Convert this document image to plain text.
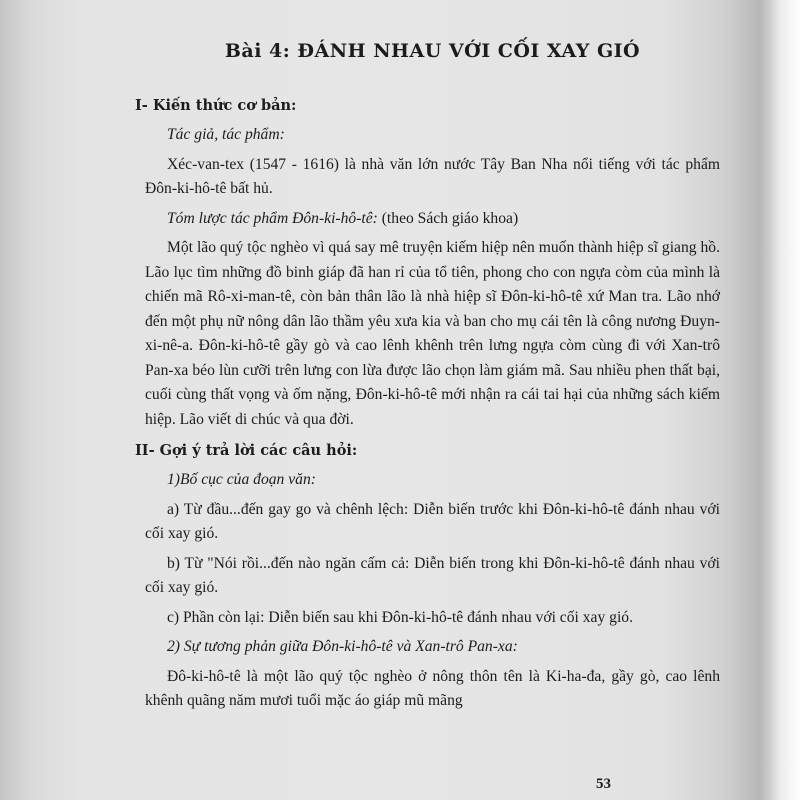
Bài 4: ĐÁNH NHAU VỚI CỐI XAY GIÓ
I- Kiến thức cơ bản:

Tác giả, tác phẩm:

Xéc-van-tex (1547 - 1616) là nhà văn lớn nước Tây Ban Nha nổi tiếng với tác phẩm Đôn-ki-hô-tê bất hủ.

Tóm lược tác phẩm Đôn-ki-hô-tê: (theo Sách giáo khoa)

Một lão quý tộc nghèo vì quá say mê truyện kiếm hiệp nên muốn thành hiệp sĩ giang hồ. Lão lục tìm những đồ binh giáp đã han rỉ của tổ tiên, phong cho con ngựa còm của mình là chiến mã Rô-xi-man-tê, còn bản thân lão là nhà hiệp sĩ Đôn-ki-hô-tê xứ Man tra. Lão nhớ đến một phụ nữ nông dân lão thầm yêu xưa kia và ban cho mụ cái tên là công nương Đuyn-xi-nê-a. Đôn-ki-hô-tê gầy gò và cao lênh khênh trên lưng ngựa còm cùng đi với Xan-trô Pan-xa béo lùn cưỡi trên lưng con lừa được lão chọn làm giám mã. Sau nhiều phen thất bại, cuối cùng thất vọng và ốm nặng, Đôn-ki-hô-tê mới nhận ra cái tai hại của những sách kiếm hiệp. Lão viết di chúc và qua đời.

II- Gợi ý trả lời các câu hỏi:

1)Bố cục của đoạn văn:

a) Từ đầu...đến gay go và chênh lệch: Diễn biến trước khi Đôn-ki-hô-tê đánh nhau với cối xay gió.

b) Từ "Nói rồi...đến nào ngăn cấm cả: Diễn biến trong khi Đôn-ki-hô-tê đánh nhau với cối xay gió.

c) Phần còn lại: Diễn biến sau khi Đôn-ki-hô-tê đánh nhau với cối xay gió.

2) Sự tương phản giữa Đôn-ki-hô-tê và Xan-trô Pan-xa:

Đô-ki-hô-tê là một lão quý tộc nghèo ở nông thôn tên là Ki-ha-đa, gầy gò, cao lênh khênh quãng năm mươi tuổi mặc áo giáp mũ mãng

53
